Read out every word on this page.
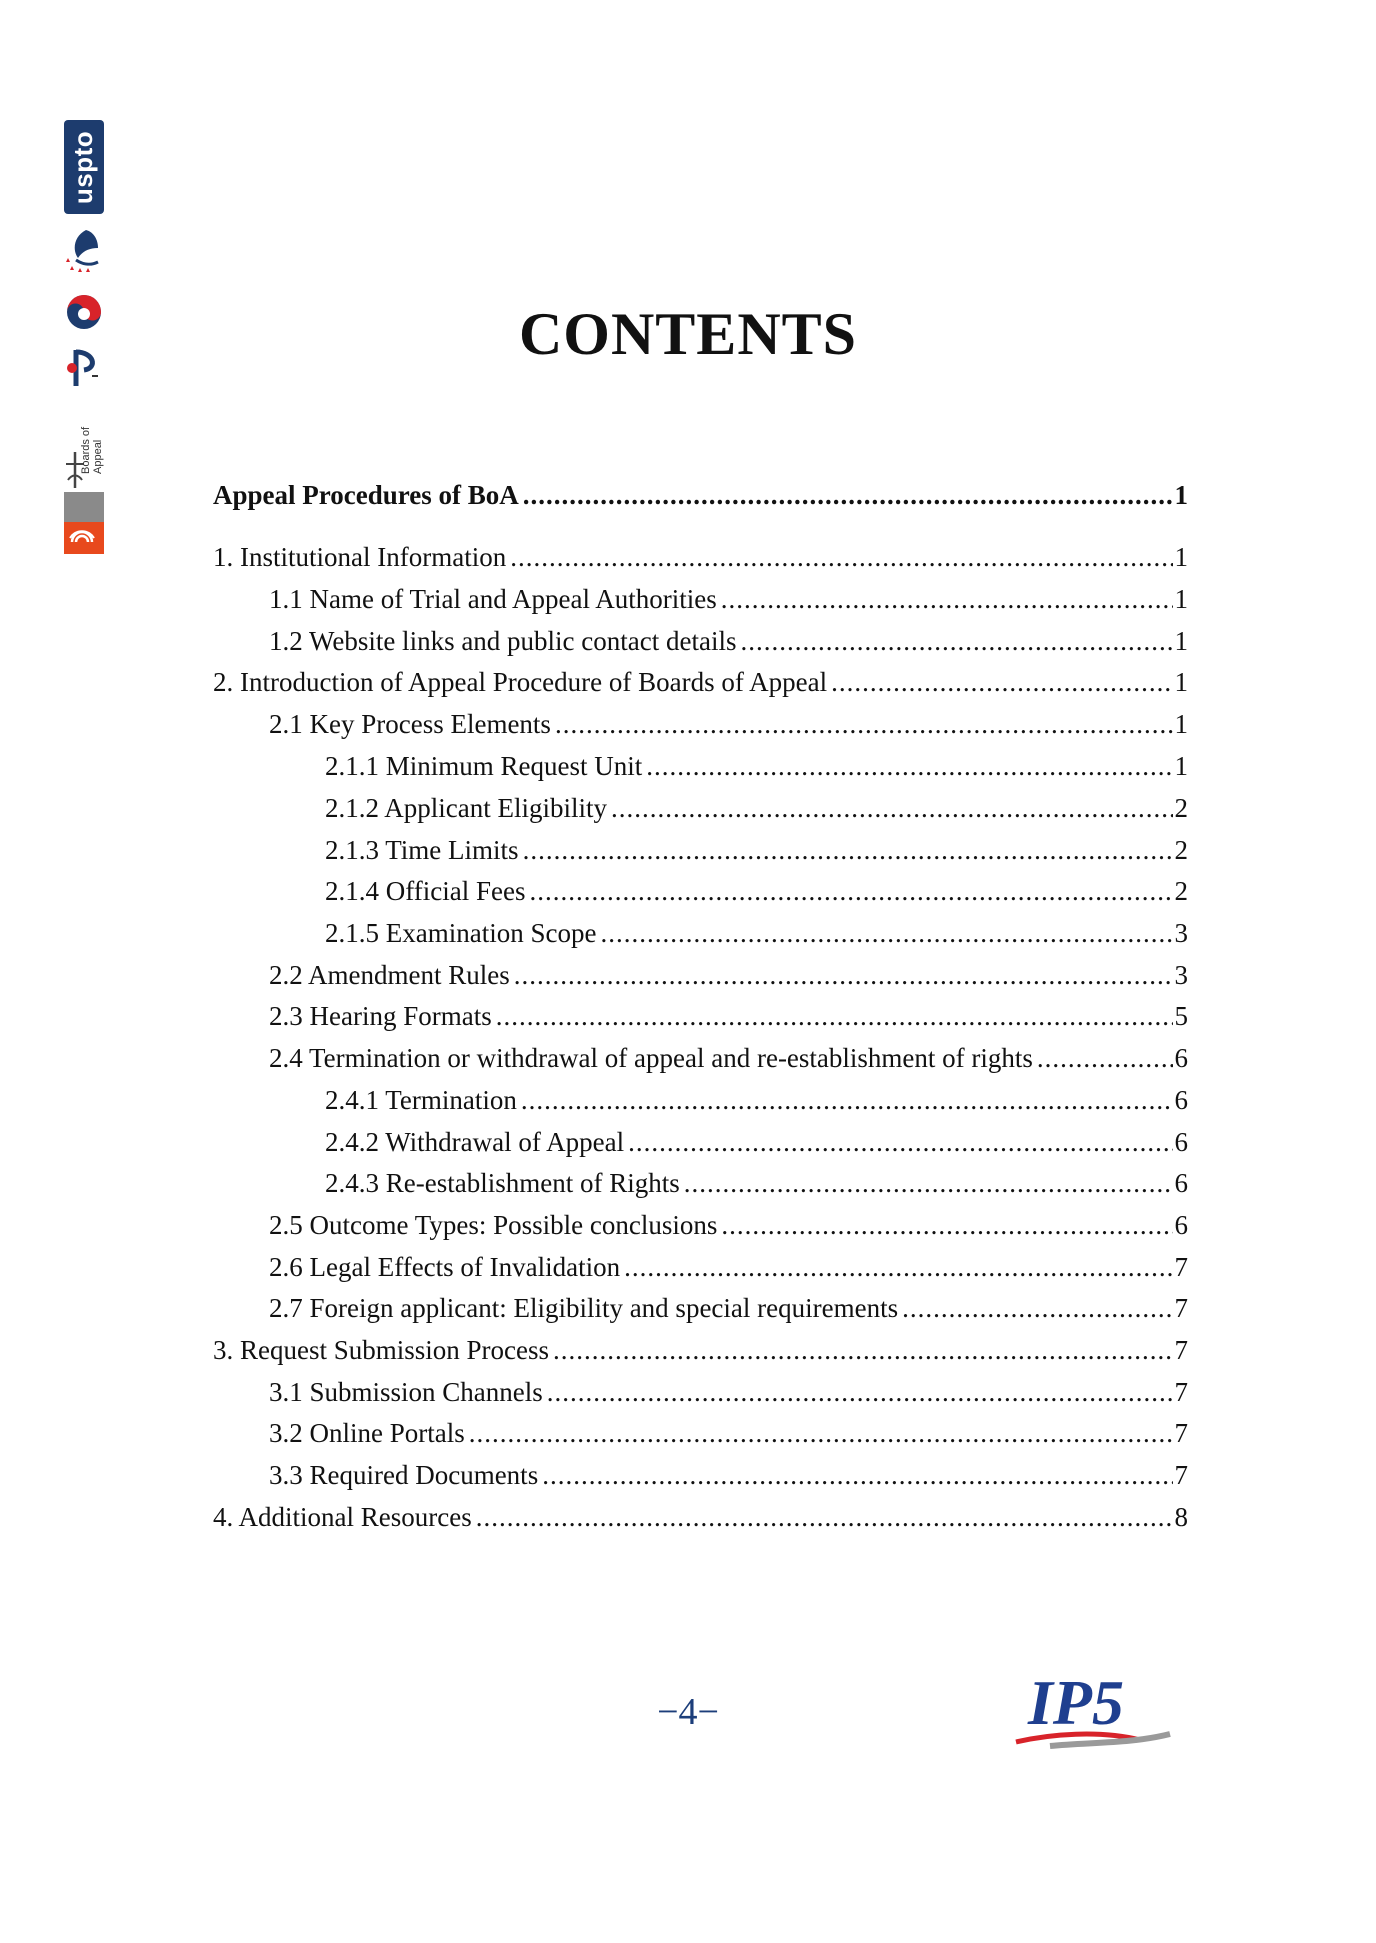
uspto
Boards of Appeal
CONTENTS
Appeal Procedures of BoA .....	1
1. Institutional Information .....	1
1.1 Name of Trial and Appeal Authorities .....	1
1.2 Website links and public contact details .....	1
2. Introduction of Appeal Procedure of Boards of Appeal .....	1
2.1 Key Process Elements .....	1
2.1.1 Minimum Request Unit .....	1
2.1.2 Applicant Eligibility .....	2
2.1.3 Time Limits .....	2
2.1.4 Official Fees .....	2
2.1.5 Examination Scope .....	3
2.2 Amendment Rules .....	3
2.3 Hearing Formats .....	5
2.4 Termination or withdrawal of appeal and re-establishment of rights .....	6
2.4.1 Termination .....	6
2.4.2 Withdrawal of Appeal .....	6
2.4.3 Re-establishment of Rights .....	6
2.5 Outcome Types: Possible conclusions .....	6
2.6 Legal Effects of Invalidation .....	7
2.7 Foreign applicant: Eligibility and special requirements .....	7
3. Request Submission Process .....	7
3.1 Submission Channels .....	7
3.2 Online Portals .....	7
3.3 Required Documents .....	7
4. Additional Resources .....	8
−4−	IP5
